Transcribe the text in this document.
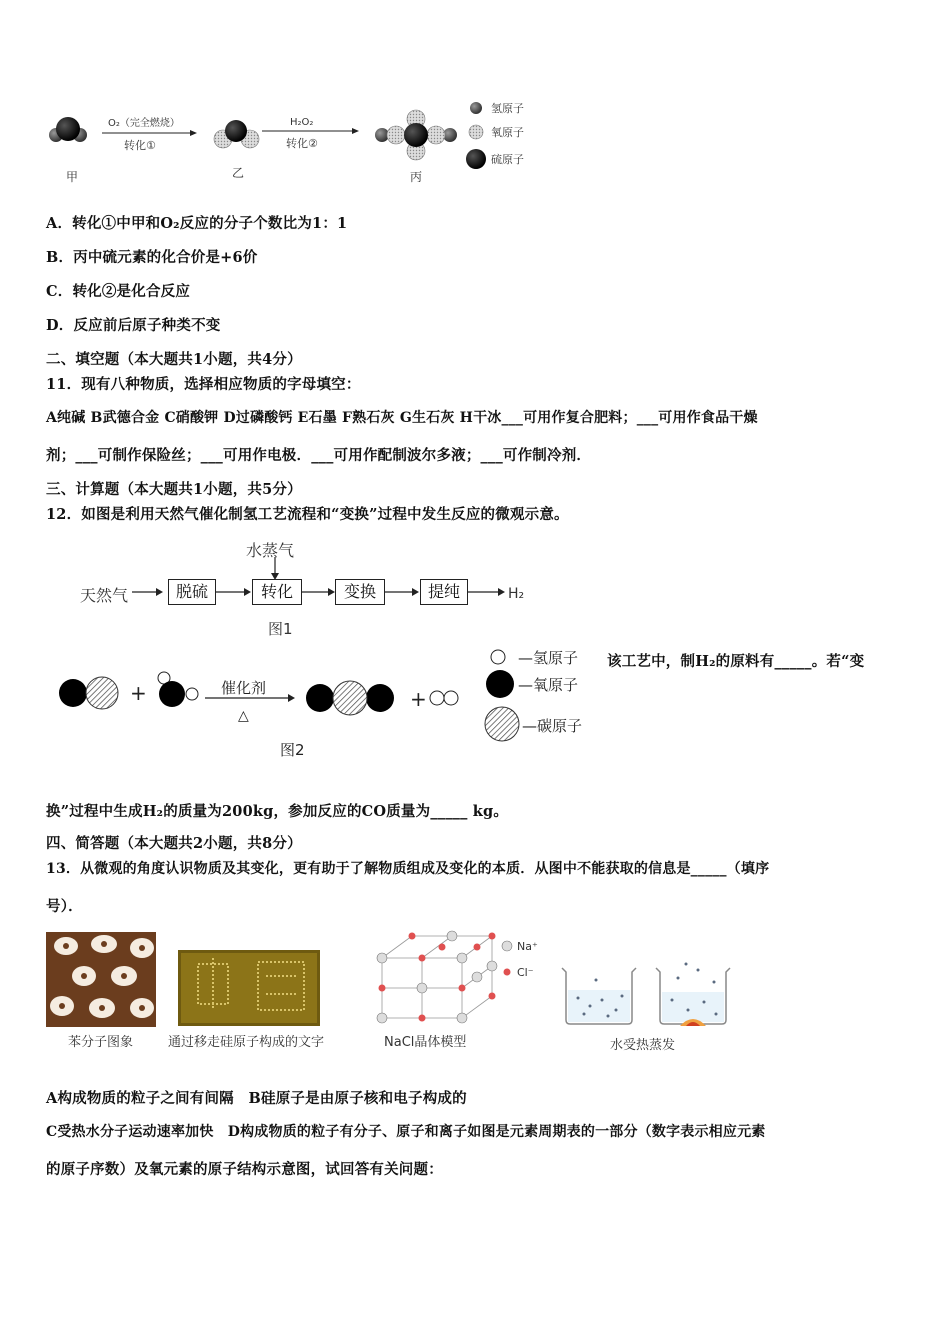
甲
O₂（完全燃烧）
转化①
乙
H₂O₂
转化②
丙
氢原子
氧原子
硫原子
A．转化①中甲和O₂反应的分子个数比为1：1
B．丙中硫元素的化合价是+6价
C．转化②是化合反应
D．反应前后原子种类不变
二、填空题（本大题共1小题，共4分）
11．现有八种物质，选择相应物质的字母填空：
A纯碱 B武德合金 C硝酸钾 D过磷酸钙 E石墨 F熟石灰 G生石灰 H干冰___可用作复合肥料；___可用作食品干燥
剂；___可制作保险丝；___可用作电极．___可用作配制波尔多液；___可作制冷剂．
三、计算题（本大题共1小题，共5分）
12．如图是利用天然气催化制氢工艺流程和“变换”过程中发生反应的微观示意。
水蒸气
天然气	脱硫	转化	变换	提纯	H₂
图1
+	催化剂
△
+
—氢原子
—氧原子
—碳原子
图2
该工艺中，制H₂的原料有_____。若“变
换”过程中生成H₂的质量为200kg，参加反应的CO质量为_____ kg。
四、简答题（本大题共2小题，共8分）
13．从微观的角度认识物质及其变化，更有助于了解物质组成及变化的本质．从图中不能获取的信息是_____（填序
号）．
Na⁺
Cl⁻
苯分子图象	通过移走硅原子构成的文字	NaCl晶体模型	水受热蒸发
A构成物质的粒子之间有间隔　B硅原子是由原子核和电子构成的
C受热水分子运动速率加快　D构成物质的粒子有分子、原子和离子如图是元素周期表的一部分（数字表示相应元素
的原子序数）及氧元素的原子结构示意图，试回答有关问题：
